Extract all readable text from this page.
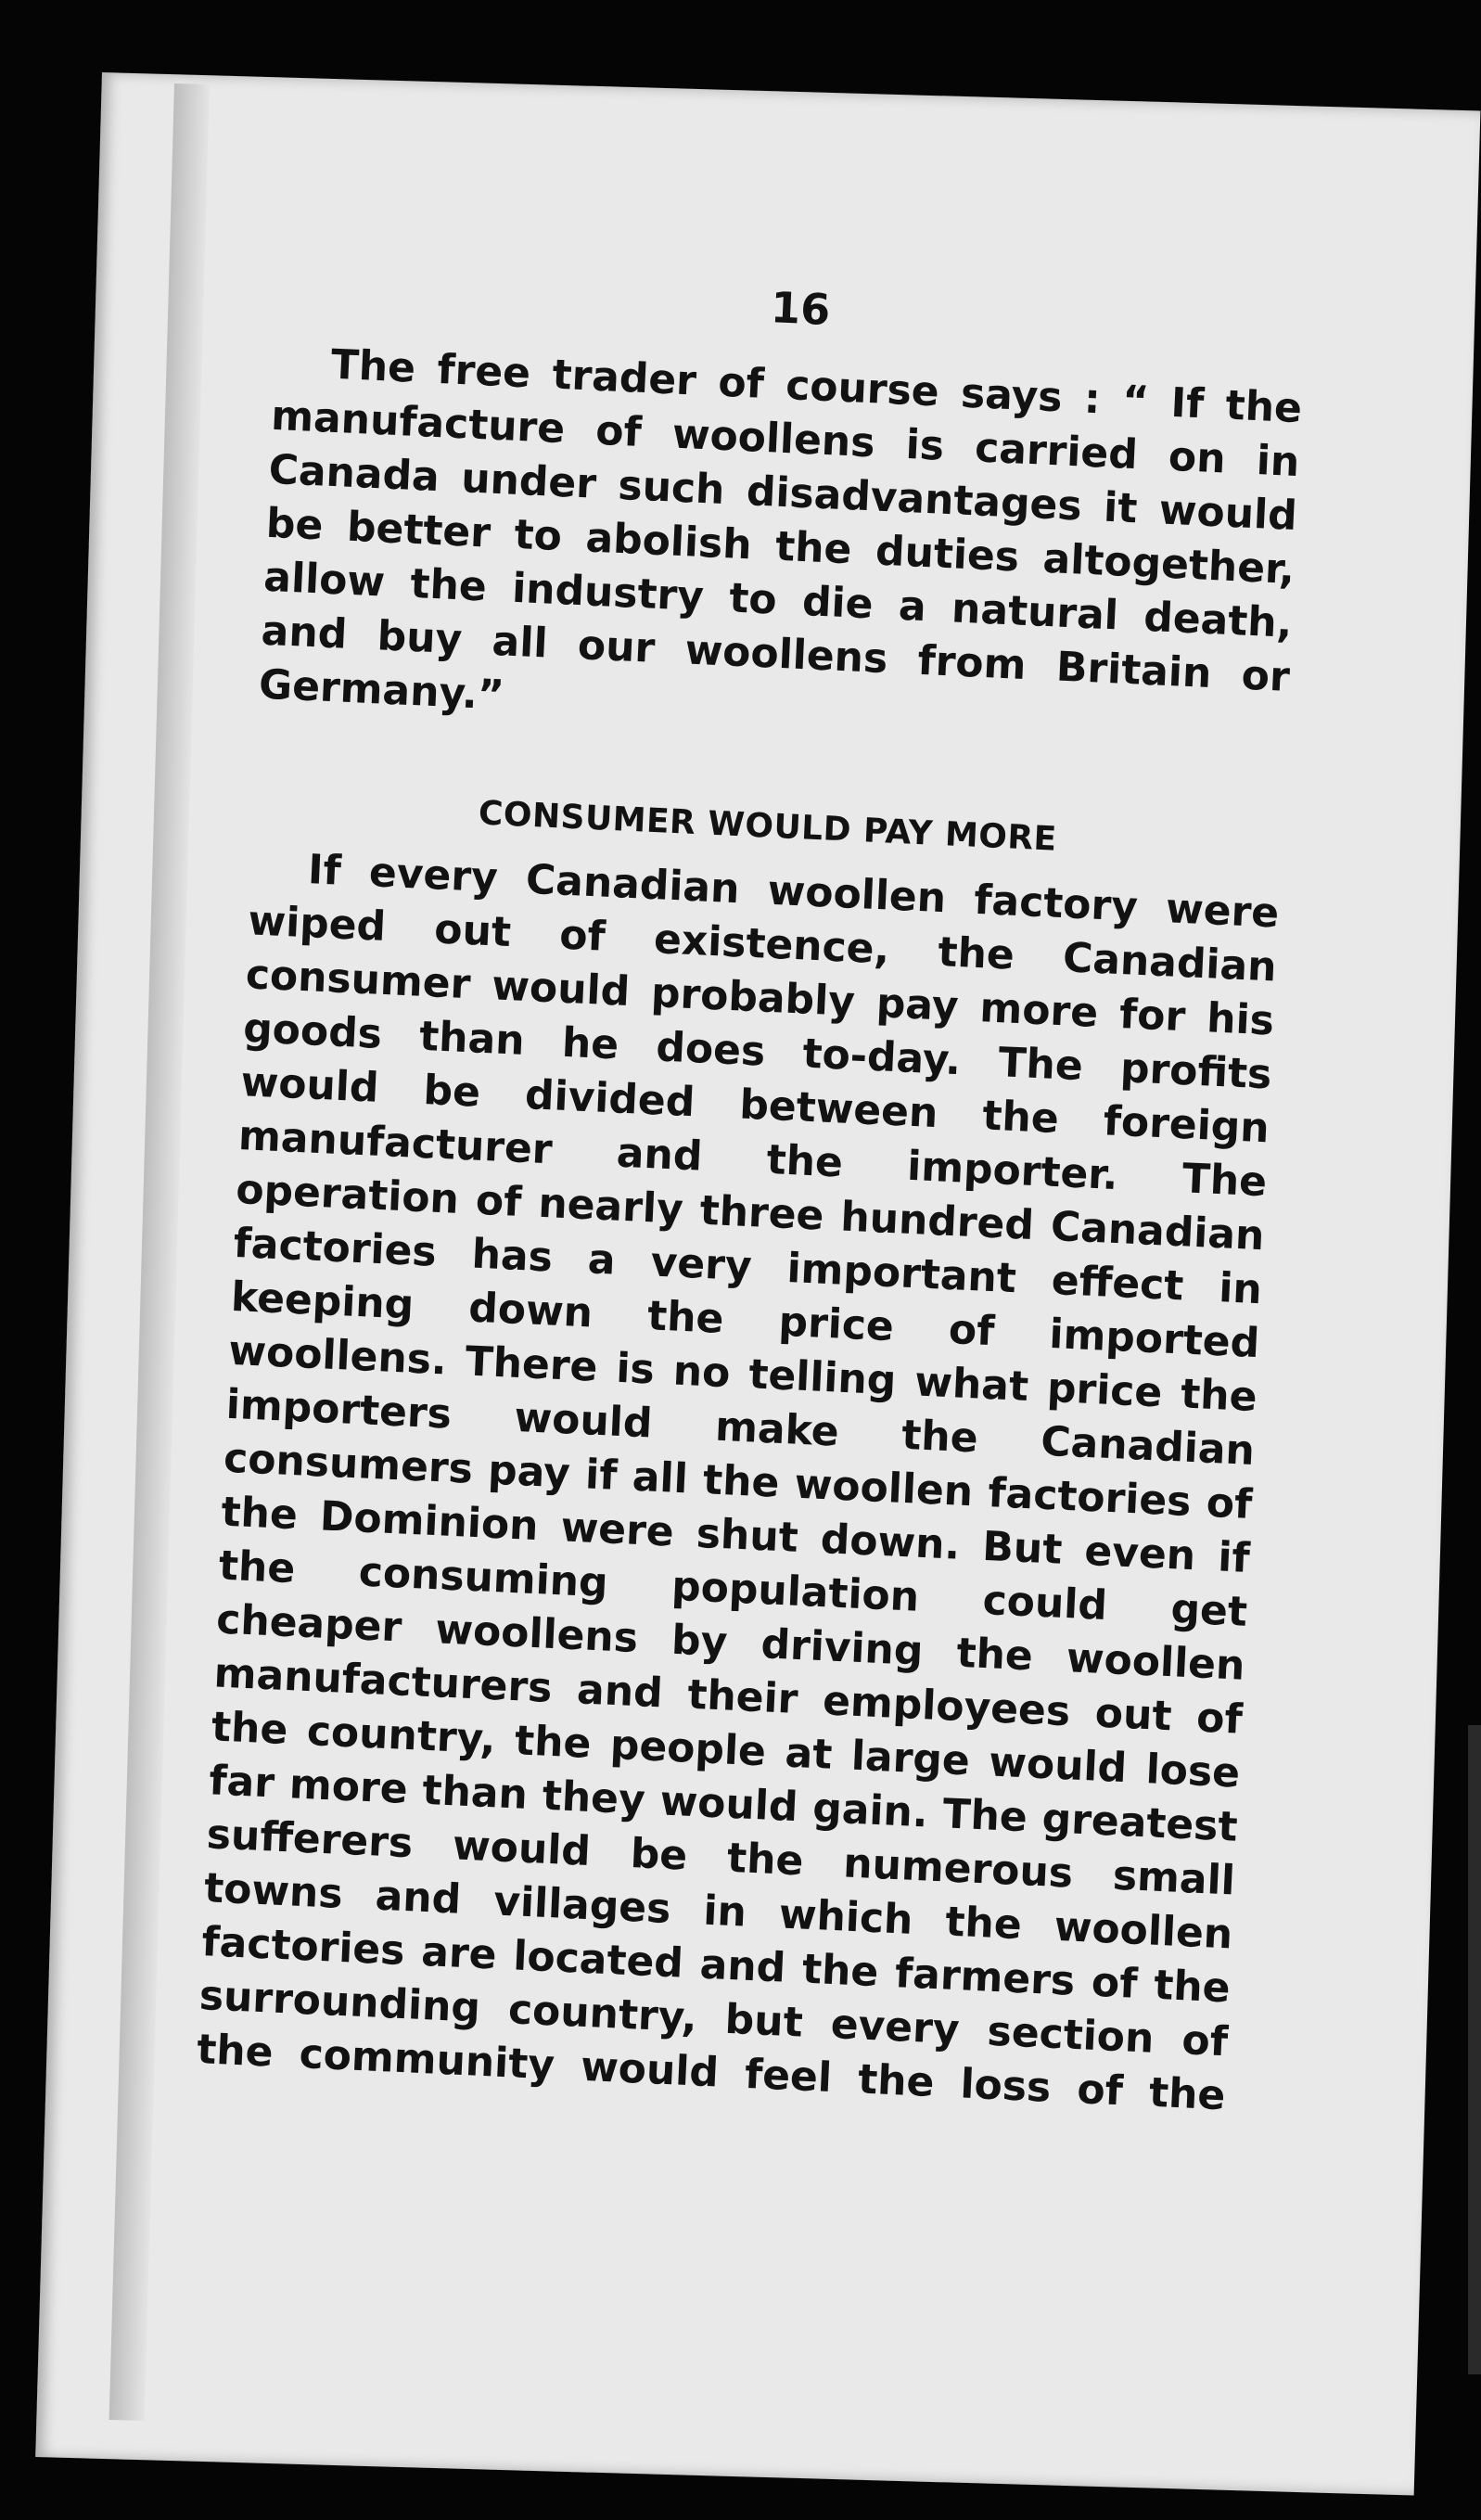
16

The free trader of course says : “ If the manufacture of woollens is carried on in Canada under such disadvantages it would be better to abolish the duties altogether, allow the industry to die a natural death, and buy all our woollens from Britain or Germany.”

CONSUMER WOULD PAY MORE

If every Canadian woollen factory were wiped out of existence, the Canadian consumer would probably pay more for his goods than he does to-day. The profits would be divided between the foreign manufacturer and the importer. The operation of nearly three hundred Canadian factories has a very important effect in keeping down the price of imported woollens. There is no telling what price the importers would make the Canadian consumers pay if all the woollen factories of the Dominion were shut down. But even if the consuming population could get cheaper woollens by driving the woollen manufacturers and their employees out of the country, the people at large would lose far more than they would gain. The greatest sufferers would be the numerous small towns and villages in which the woollen factories are located and the farmers of the surrounding country, but every section of the community would feel the loss of the
